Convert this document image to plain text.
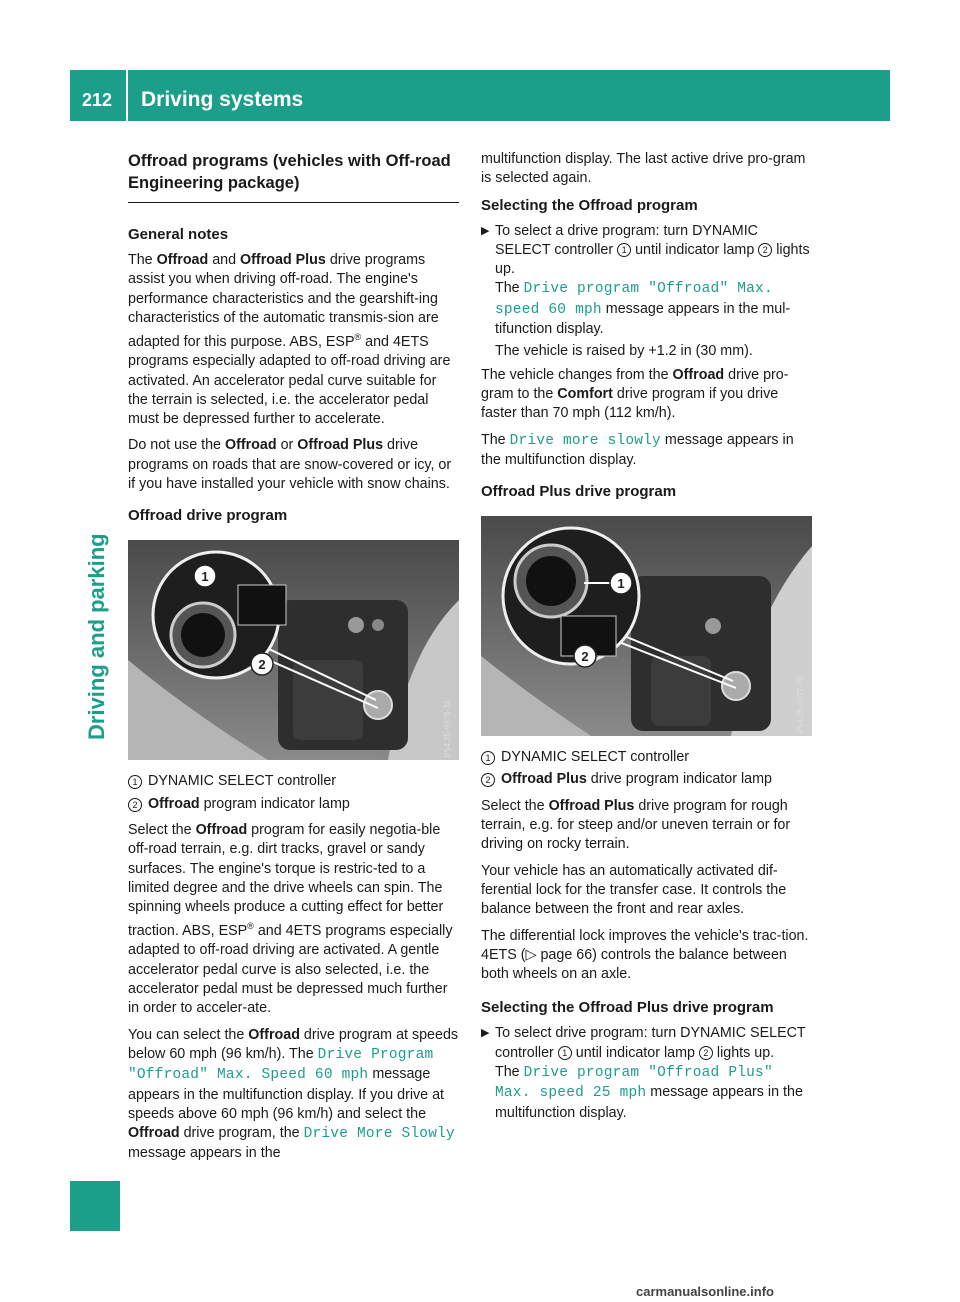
212 Driving systems
Driving and parking
Offroad programs (vehicles with Off-road Engineering package)
General notes

The Offroad and Offroad Plus drive programs assist you when driving off-road. The engine's performance characteristics and the gearshift-ing characteristics of the automatic transmis-sion are adapted for this purpose. ABS, ESP® and 4ETS programs especially adapted to off-road driving are activated. An accelerator pedal curve suitable for the terrain is selected, i.e. the accelerator pedal must be depressed further to accelerate.

Do not use the Offroad or Offroad Plus drive programs on roads that are snow-covered or icy, or if you have installed your vehicle with snow chains.

Offroad drive program
1
2
P54.25-9976-31
1 DYNAMIC SELECT controller
2 Offroad program indicator lamp

Select the Offroad program for easily negotia-ble off-road terrain, e.g. dirt tracks, gravel or sandy surfaces. The engine's torque is restric-ted to a limited degree and the drive wheels can spin. The spinning wheels produce a cutting effect for better traction. ABS, ESP® and 4ETS programs especially adapted to off-road driving are activated. A gentle accelerator pedal curve is also selected, i.e. the accelerator pedal must be depressed much further in order to acceler-ate.

You can select the Offroad drive program at speeds below 60 mph (96 km/h). The Drive Program "Offroad" Max. Speed 60 mph message appears in the multifunction display. If you drive at speeds above 60 mph (96 km/h) and select the Offroad drive program, the Drive More Slowly message appears in the

multifunction display. The last active drive pro-gram is selected again.

Selecting the Offroad program
▶ To select a drive program: turn DYNAMIC SELECT controller 1 until indicator lamp 2 lights up.
The Drive program "Offroad" Max. speed 60 mph message appears in the mul-tifunction display.
The vehicle is raised by +1.2 in (30 mm).

The vehicle changes from the Offroad drive pro-gram to the Comfort drive program if you drive faster than 70 mph (112 km/h).

The Drive more slowly message appears in the multifunction display.

Offroad Plus drive program
1
2
P54.25-9977-31
1 DYNAMIC SELECT controller
2 Offroad Plus drive program indicator lamp

Select the Offroad Plus drive program for rough terrain, e.g. for steep and/or uneven terrain or for driving on rocky terrain.

Your vehicle has an automatically activated dif-ferential lock for the transfer case. It controls the balance between the front and rear axles.

The differential lock improves the vehicle's trac-tion. 4ETS (▷ page 66) controls the balance between both wheels on an axle.

Selecting the Offroad Plus drive program
▶ To select drive program: turn DYNAMIC SELECT controller 1 until indicator lamp 2 lights up.
The Drive program "Offroad Plus" Max. speed 25 mph message appears in the multifunction display.
carmanualsonline.info
